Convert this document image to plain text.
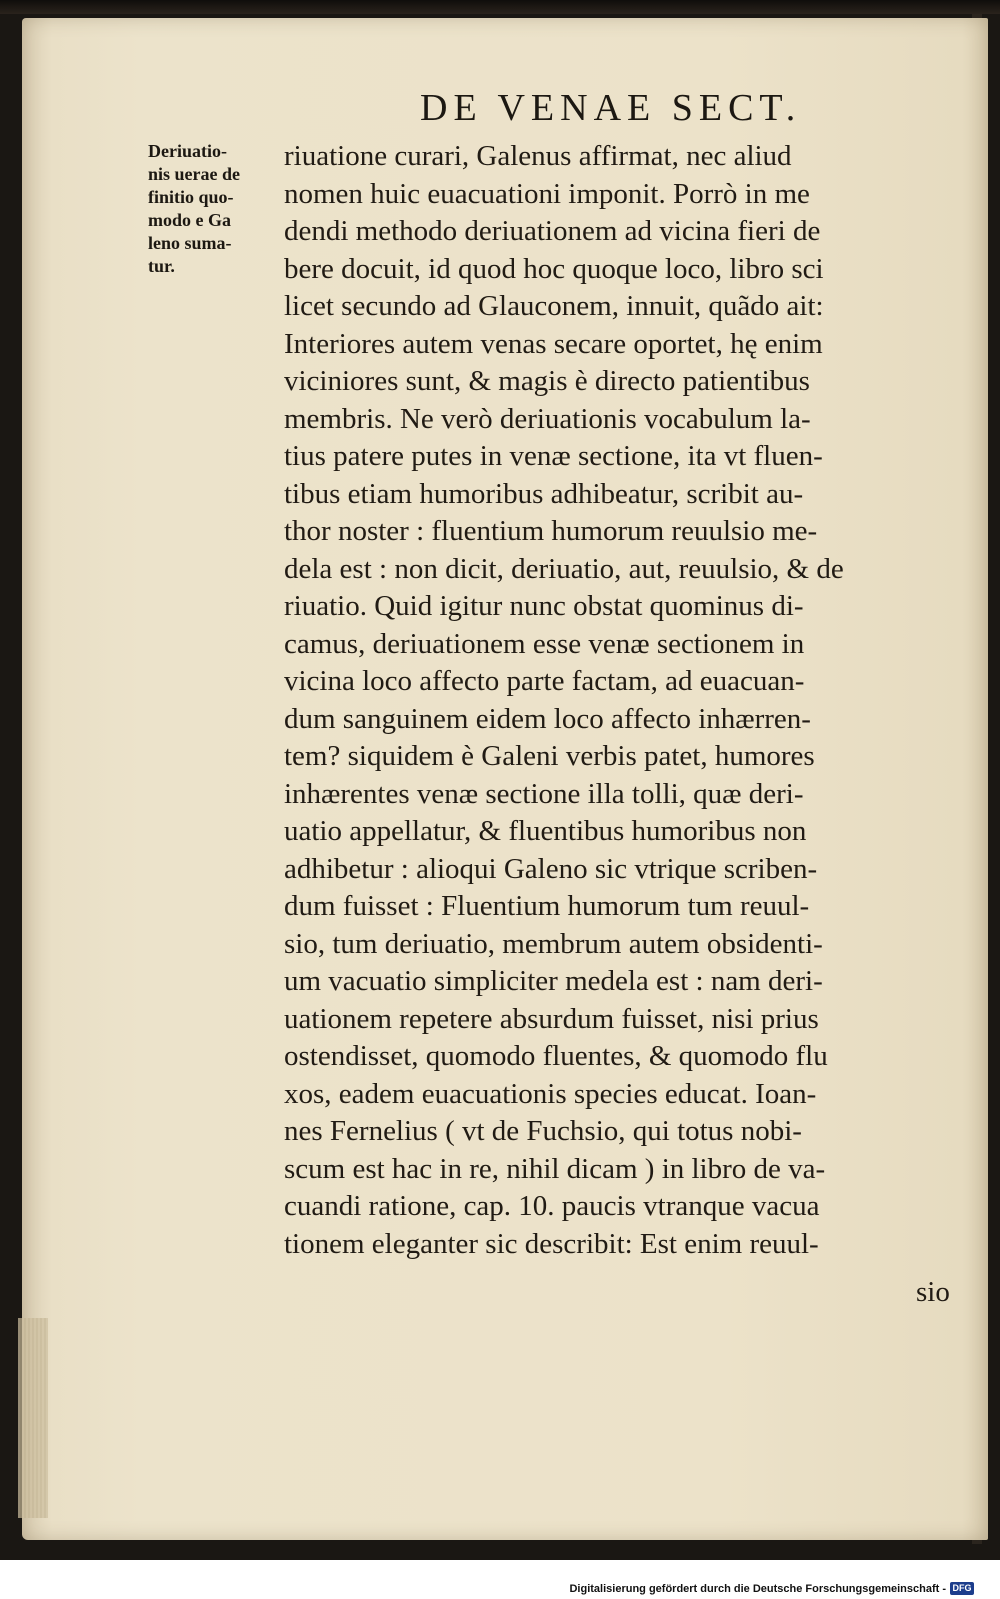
DE VENAE SECT.
Deriuatio-
nis uerae de
finitio quo-
modo e Ga
leno suma-
tur.
riuatione curari, Galenus affirmat, nec aliud
nomen huic euacuationi imponit. Porrò in me
dendi methodo deriuationem ad vicina fieri de
bere docuit, id quod hoc quoque loco, libro sci
licet secundo ad Glauconem, innuit, quãdo ait:
Interiores autem venas secare oportet, hę enim
viciniores sunt, & magis è directo patientibus
membris. Ne verò deriuationis vocabulum la-
tius patere putes in venæ sectione, ita vt fluen-
tibus etiam humoribus adhibeatur, scribit au-
thor noster : fluentium humorum reuulsio me-
dela est : non dicit, deriuatio, aut, reuulsio, & de
riuatio. Quid igitur nunc obstat quominus di-
camus, deriuationem esse venæ sectionem in
vicina loco affecto parte factam, ad euacuan-
dum sanguinem eidem loco affecto inhærren-
tem? siquidem è Galeni verbis patet, humores
inhærentes venæ sectione illa tolli, quæ deri-
uatio appellatur, & fluentibus humoribus non
adhibetur : alioqui Galeno sic vtrique scriben-
dum fuisset : Fluentium humorum tum reuul-
sio, tum deriuatio, membrum autem obsidenti-
um vacuatio simpliciter medela est : nam deri-
uationem repetere absurdum fuisset, nisi prius
ostendisset, quomodo fluentes, & quomodo flu
xos, eadem euacuationis species educat. Ioan-
nes Fernelius ( vt de Fuchsio, qui totus nobi-
scum est hac in re, nihil dicam ) in libro de va-
cuandi ratione, cap. 10. paucis vtranque vacua
tionem eleganter sic describit: Est enim reuul-

sio

Digitalisierung gefördert durch die Deutsche Forschungsgemeinschaft - DFG
